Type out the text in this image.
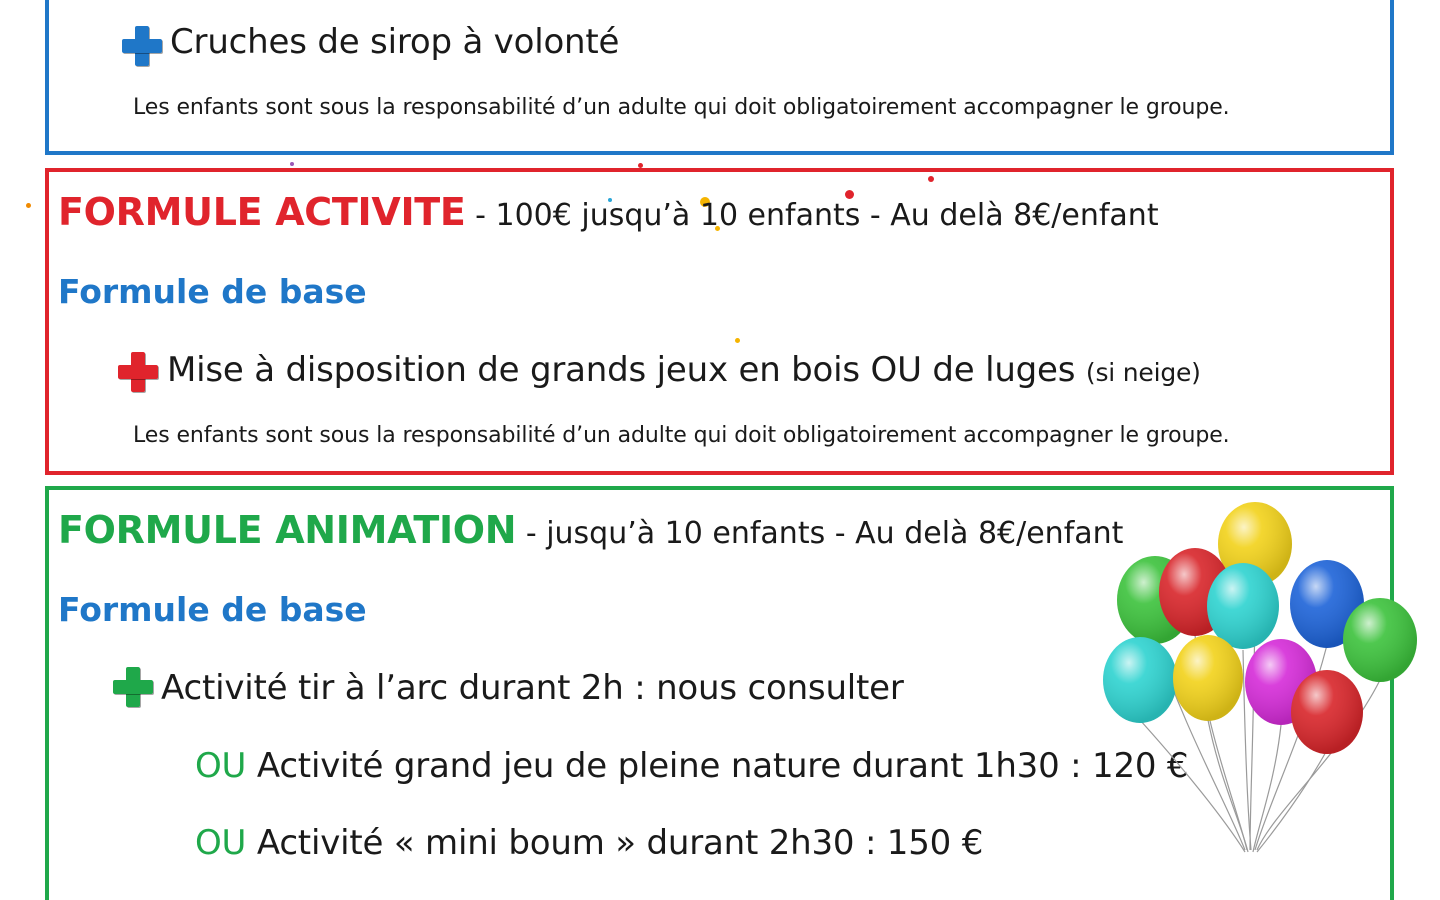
Cruches de sirop à volonté
Les enfants sont sous la responsabilité d’un adulte qui doit obligatoirement accompagner le groupe.
FORMULE ACTIVITE - 100€ jusqu’à 10 enfants - Au delà 8€/enfant
Formule de base
Mise à disposition de grands jeux en bois OU de luges (si neige)
Les enfants sont sous la responsabilité d’un adulte qui doit obligatoirement accompagner le groupe.
FORMULE ANIMATION - jusqu’à 10 enfants - Au delà 8€/enfant
Formule de base
Activité tir à l’arc durant 2h : nous consulter
OU Activité grand jeu de pleine nature durant 1h30 : 120 €
OU Activité « mini boum » durant 2h30 : 150 €
